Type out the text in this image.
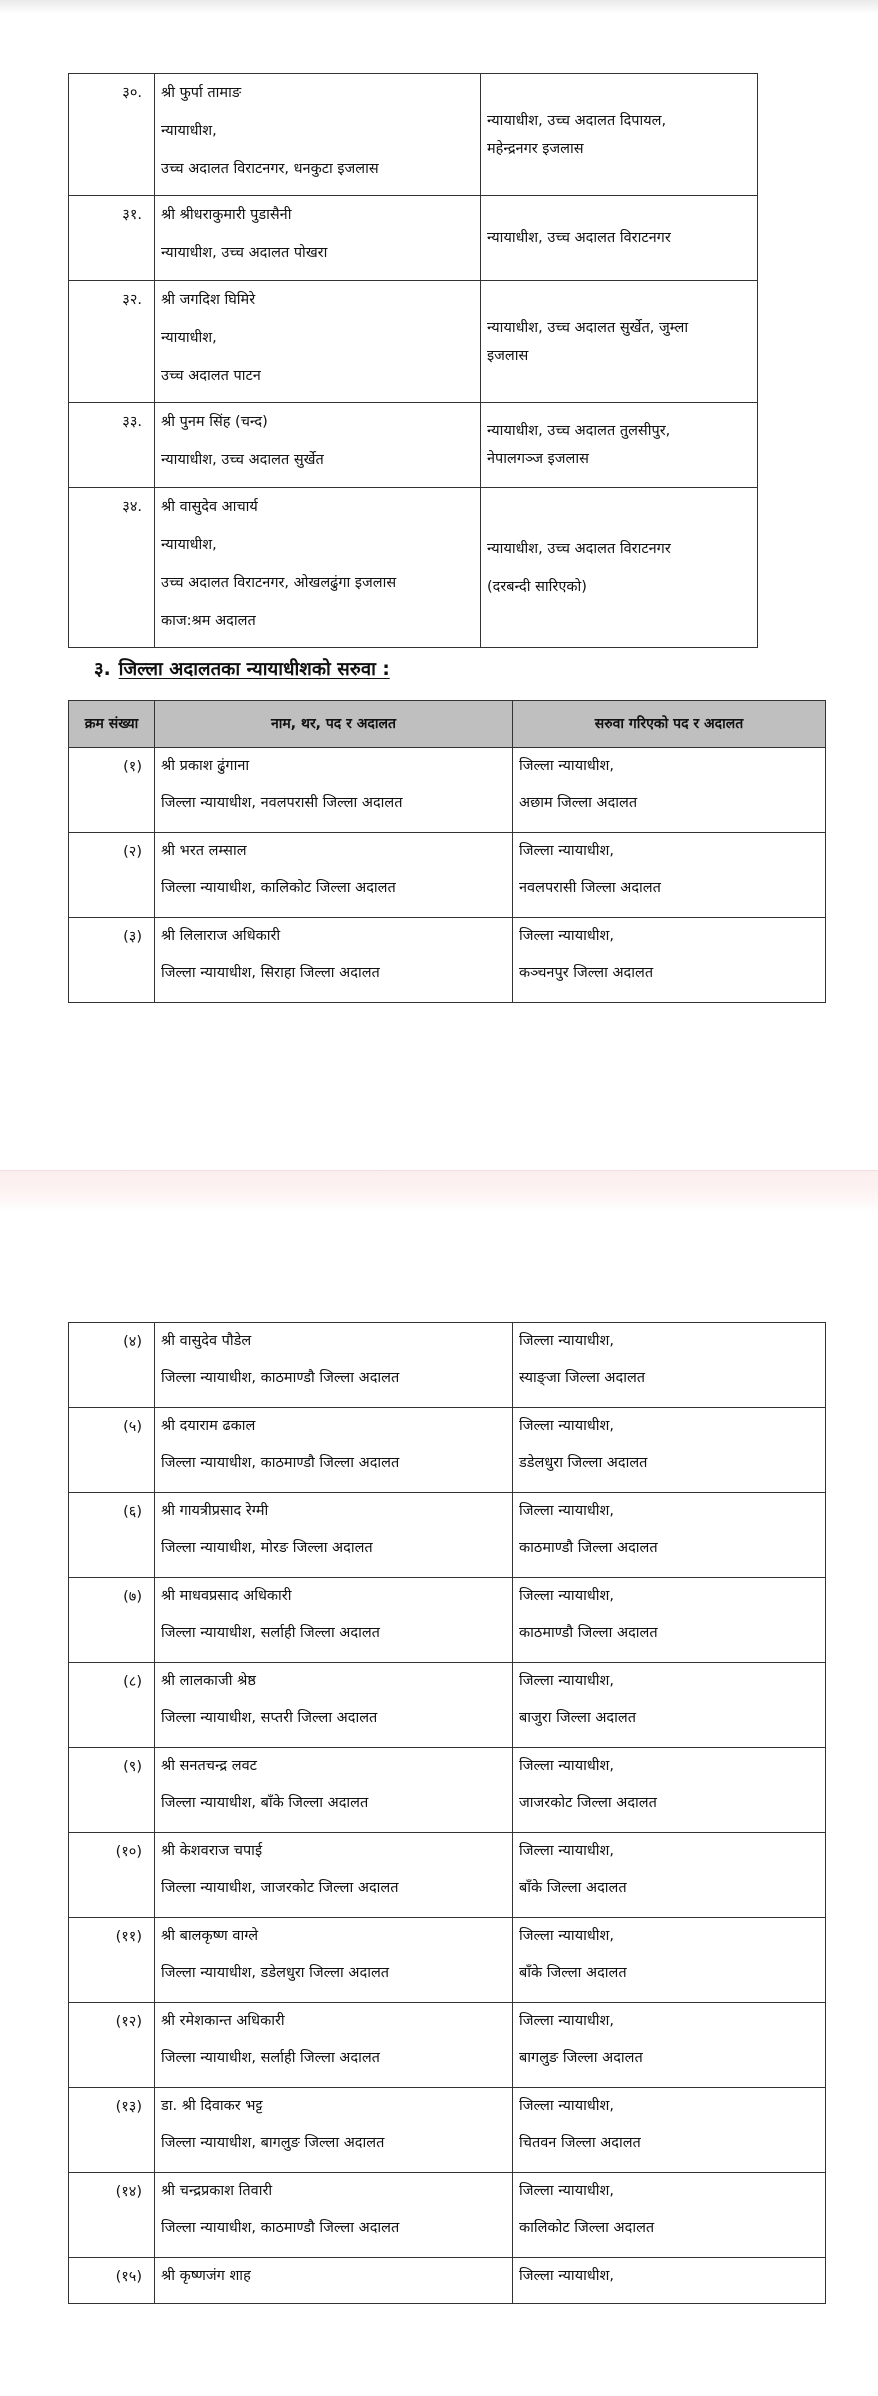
३०.	श्री फुर्पा तामाङ
न्यायाधीश,
उच्च अदालत विराटनगर, धनकुटा इजलास	न्यायाधीश, उच्च अदालत दिपायल,
महेन्द्रनगर इजलास

३१.	श्री श्रीधराकुमारी पुडासैनी
न्यायाधीश, उच्च अदालत पोखरा	न्यायाधीश, उच्च अदालत विराटनगर

३२.	श्री जगदिश घिमिरे
न्यायाधीश,
उच्च अदालत पाटन	न्यायाधीश, उच्च अदालत सुर्खेत, जुम्ला
इजलास

३३.	श्री पुनम सिंह (चन्द)
न्यायाधीश, उच्च अदालत सुर्खेत	न्यायाधीश, उच्च अदालत तुलसीपुर,
नेपालगञ्ज इजलास

३४.	श्री वासुदेव आचार्य
न्यायाधीश,
उच्च अदालत विराटनगर, ओखलढुंगा इजलास
काज:श्रम अदालत	न्यायाधीश, उच्च अदालत विराटनगर
(दरबन्दी सारिएको)
३. जिल्ला अदालतका न्यायाधीशको सरुवा :
क्रम संख्या	नाम, थर, पद र अदालत	सरुवा गरिएको पद र अदालत
(१)	श्री प्रकाश ढुंगाना
जिल्ला न्यायाधीश, नवलपरासी जिल्ला अदालत	जिल्ला न्यायाधीश,
अछाम जिल्ला अदालत

(२)	श्री भरत लम्साल
जिल्ला न्यायाधीश, कालिकोट जिल्ला अदालत	जिल्ला न्यायाधीश,
नवलपरासी जिल्ला अदालत

(३)	श्री लिलाराज अधिकारी
जिल्ला न्यायाधीश, सिराहा जिल्ला अदालत	जिल्ला न्यायाधीश,
कञ्चनपुर जिल्ला अदालत
(४)	श्री वासुदेव पौडेल
जिल्ला न्यायाधीश, काठमाण्डौ जिल्ला अदालत	जिल्ला न्यायाधीश,
स्याङ्जा जिल्ला अदालत

(५)	श्री दयाराम ढकाल
जिल्ला न्यायाधीश, काठमाण्डौ जिल्ला अदालत	जिल्ला न्यायाधीश,
डडेलधुरा जिल्ला अदालत

(६)	श्री गायत्रीप्रसाद रेग्मी
जिल्ला न्यायाधीश, मोरङ जिल्ला अदालत	जिल्ला न्यायाधीश,
काठमाण्डौ जिल्ला अदालत

(७)	श्री माधवप्रसाद अधिकारी
जिल्ला न्यायाधीश, सर्लाही जिल्ला अदालत	जिल्ला न्यायाधीश,
काठमाण्डौ जिल्ला अदालत

(८)	श्री लालकाजी श्रेष्ठ
जिल्ला न्यायाधीश, सप्तरी जिल्ला अदालत	जिल्ला न्यायाधीश,
बाजुरा जिल्ला अदालत

(९)	श्री सनतचन्द्र लवट
जिल्ला न्यायाधीश, बाँके जिल्ला अदालत	जिल्ला न्यायाधीश,
जाजरकोट जिल्ला अदालत

(१०)	श्री केशवराज चपाई
जिल्ला न्यायाधीश, जाजरकोट जिल्ला अदालत	जिल्ला न्यायाधीश,
बाँके जिल्ला अदालत

(११)	श्री बालकृष्ण वाग्ले
जिल्ला न्यायाधीश, डडेलधुरा जिल्ला अदालत	जिल्ला न्यायाधीश,
बाँके जिल्ला अदालत

(१२)	श्री रमेशकान्त अधिकारी
जिल्ला न्यायाधीश, सर्लाही जिल्ला अदालत	जिल्ला न्यायाधीश,
बागलुङ जिल्ला अदालत

(१३)	डा. श्री दिवाकर भट्ट
जिल्ला न्यायाधीश, बागलुङ जिल्ला अदालत	जिल्ला न्यायाधीश,
चितवन जिल्ला अदालत

(१४)	श्री चन्द्रप्रकाश तिवारी
जिल्ला न्यायाधीश, काठमाण्डौ जिल्ला अदालत	जिल्ला न्यायाधीश,
कालिकोट जिल्ला अदालत

(१५)	श्री कृष्णजंग शाह	जिल्ला न्यायाधीश,
